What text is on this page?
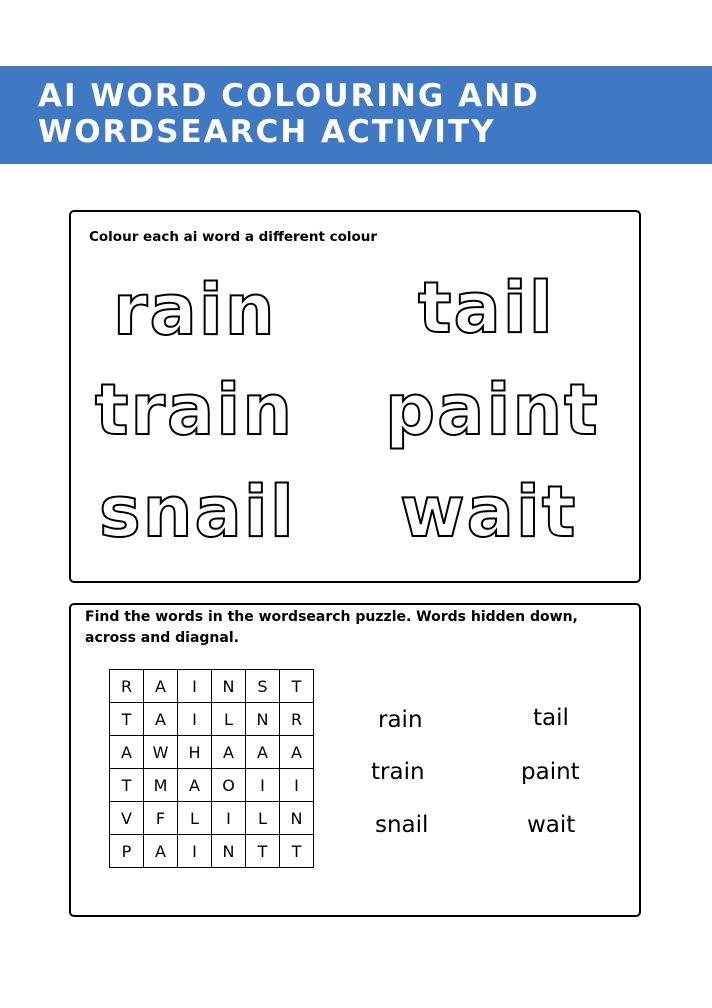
AI WORD COLOURING AND
WORDSEARCH ACTIVITY

Colour each ai word a different colour

rain tail
train paint
snail wait

Find the words in the wordsearch puzzle. Words hidden down, across and diagnal.

R	A	I	N	S	T
T	A	I	L	N	R
A	W	H	A	A	A
T	M	A	O	I	I
V	F	L	I	L	N
P	A	I	N	T	T
rain	tail
train	paint
snail	wait
